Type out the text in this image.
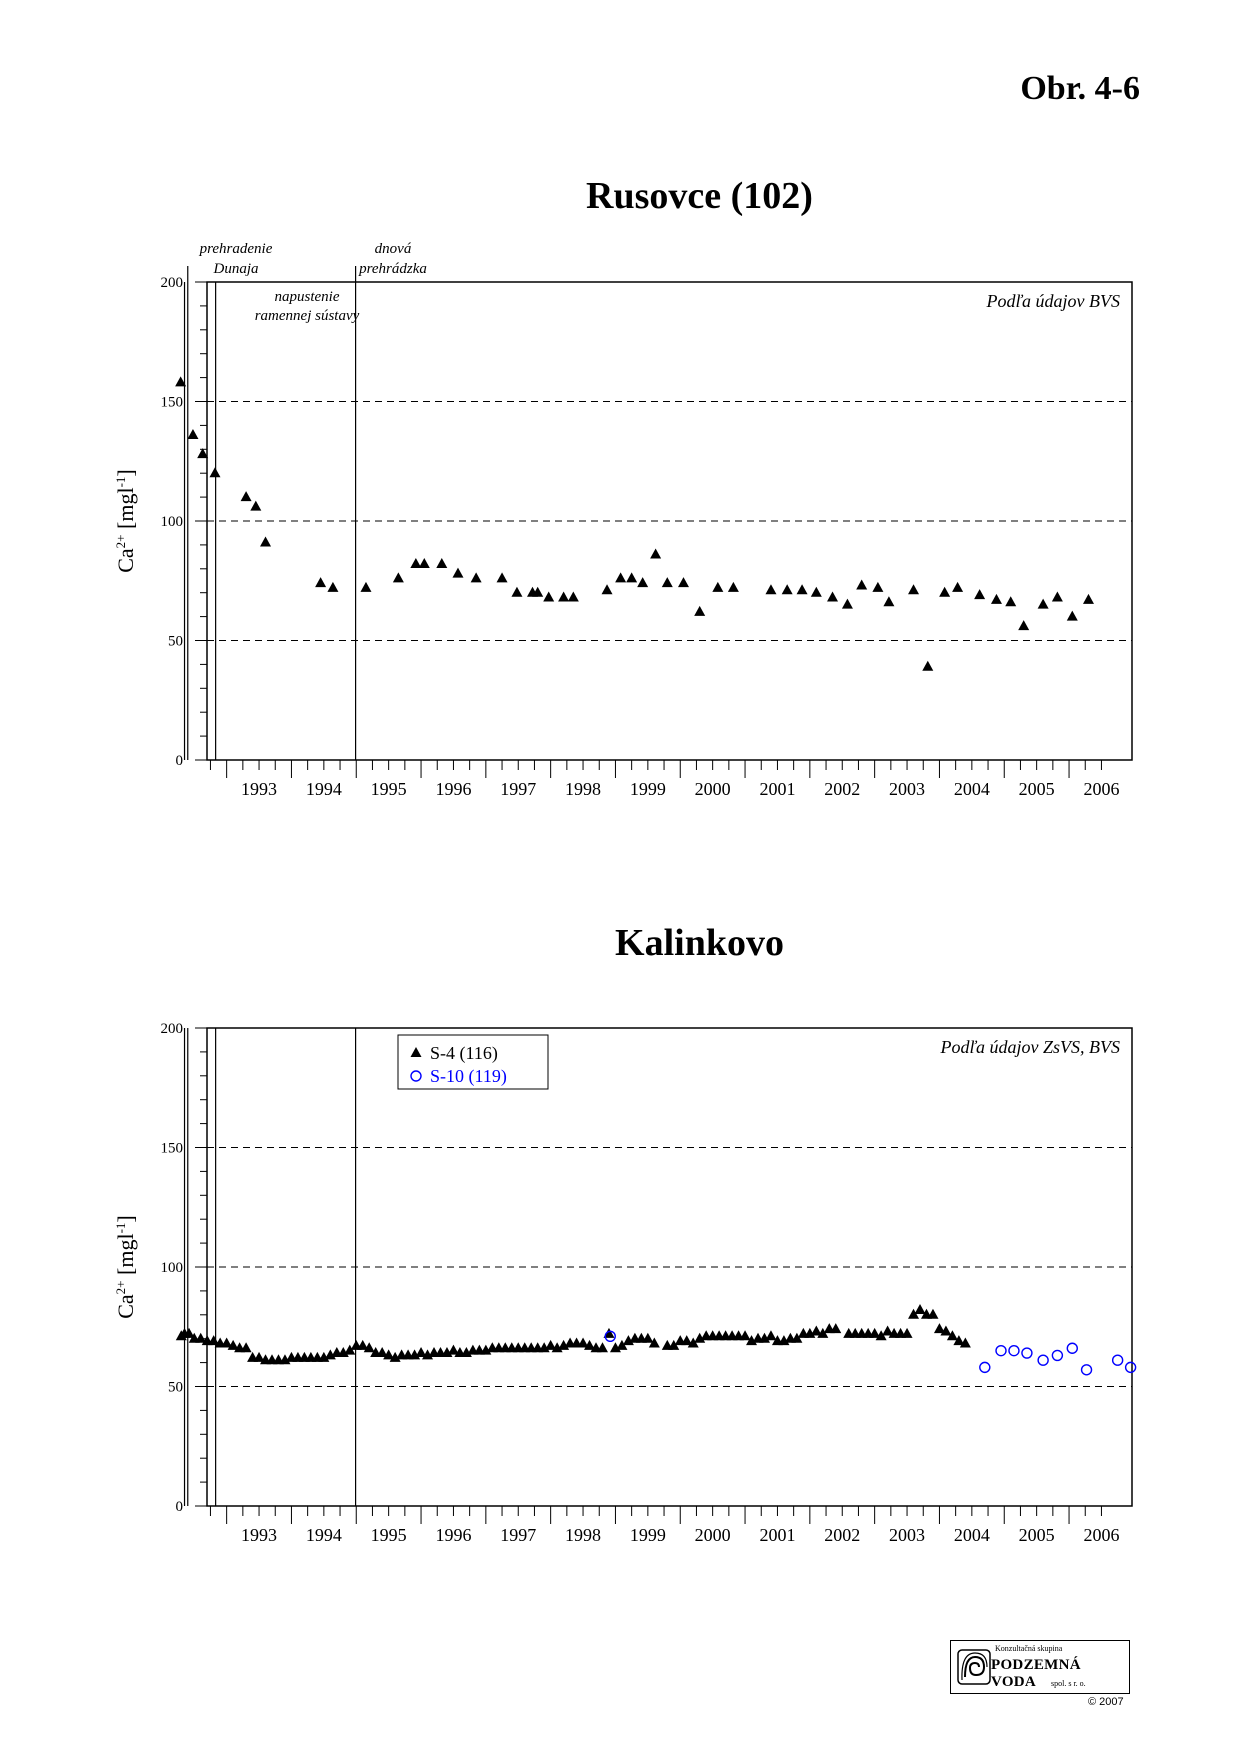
Obr. 4-6
Rusovce (102)
0
50
100
150
200
$Ca^{2+}$ [mgl$^{-1}$]
1993 1994 1995 1996 1997 1998 1999 2000 2001 2002 2003 2004 2005 2006
prehradenie
Dunaja
napustenie
ramennej sústavy
dnová
prehrádzka
Podľa údajov BVS
Kalinkovo
0
50
100
150
200
$Ca^{2+}$ [mgl$^{-1}$]
1993 1994 1995 1996 1997 1998 1999 2000 2001 2002 2003 2004 2005 2006
Podľa údajov ZsVS, BVS
S-4 (116)
S-10 (119)
Konzultačná skupina
PODZEMNÁ VODA	spol. s r. o.
© 2007
